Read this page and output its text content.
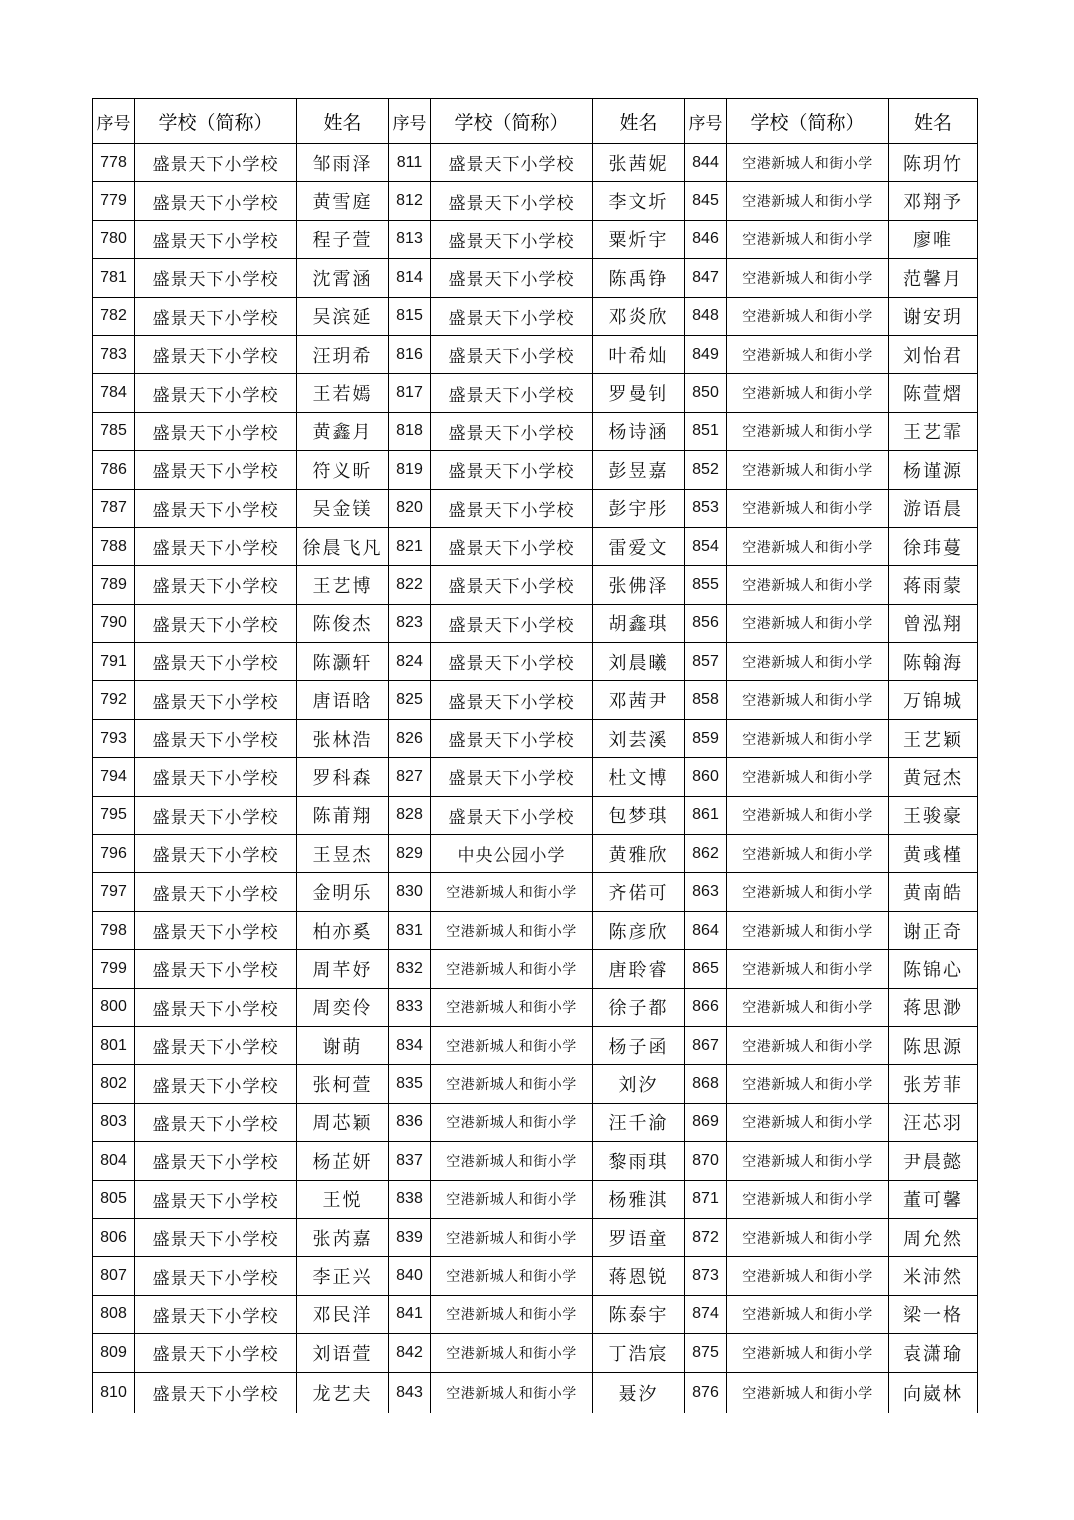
序号	学校（简称）	姓名	序号	学校（简称）	姓名	序号	学校（简称）	姓名
778	盛景天下小学校	邹雨泽	811	盛景天下小学校	张茜妮	844	空港新城人和街小学	陈玥竹
779	盛景天下小学校	黄雪庭	812	盛景天下小学校	李文圻	845	空港新城人和街小学	邓翔予
780	盛景天下小学校	程子萱	813	盛景天下小学校	粟炘宇	846	空港新城人和街小学	廖唯
781	盛景天下小学校	沈霄涵	814	盛景天下小学校	陈禹铮	847	空港新城人和街小学	范馨月
782	盛景天下小学校	吴滨延	815	盛景天下小学校	邓炎欣	848	空港新城人和街小学	谢安玥
783	盛景天下小学校	汪玥希	816	盛景天下小学校	叶希灿	849	空港新城人和街小学	刘怡君
784	盛景天下小学校	王若嫣	817	盛景天下小学校	罗曼钊	850	空港新城人和街小学	陈萱熠
785	盛景天下小学校	黄鑫月	818	盛景天下小学校	杨诗涵	851	空港新城人和街小学	王艺霏
786	盛景天下小学校	符义昕	819	盛景天下小学校	彭昱嘉	852	空港新城人和街小学	杨谨源
787	盛景天下小学校	吴金镁	820	盛景天下小学校	彭宇彤	853	空港新城人和街小学	游语晨
788	盛景天下小学校	徐晨飞凡	821	盛景天下小学校	雷爱文	854	空港新城人和街小学	徐玮蔓
789	盛景天下小学校	王艺博	822	盛景天下小学校	张佛泽	855	空港新城人和街小学	蒋雨蒙
790	盛景天下小学校	陈俊杰	823	盛景天下小学校	胡鑫琪	856	空港新城人和街小学	曾泓翔
791	盛景天下小学校	陈灏轩	824	盛景天下小学校	刘晨曦	857	空港新城人和街小学	陈翰海
792	盛景天下小学校	唐语晗	825	盛景天下小学校	邓茜尹	858	空港新城人和街小学	万锦城
793	盛景天下小学校	张林浩	826	盛景天下小学校	刘芸溪	859	空港新城人和街小学	王艺颖
794	盛景天下小学校	罗科森	827	盛景天下小学校	杜文博	860	空港新城人和街小学	黄冠杰
795	盛景天下小学校	陈莆翔	828	盛景天下小学校	包梦琪	861	空港新城人和街小学	王骏豪
796	盛景天下小学校	王昱杰	829	中央公园小学	黄雅欣	862	空港新城人和街小学	黄彧槿
797	盛景天下小学校	金明乐	830	空港新城人和街小学	齐偌可	863	空港新城人和街小学	黄南皓
798	盛景天下小学校	柏亦奚	831	空港新城人和街小学	陈彦欣	864	空港新城人和街小学	谢正奇
799	盛景天下小学校	周芊妤	832	空港新城人和街小学	唐聆睿	865	空港新城人和街小学	陈锦心
800	盛景天下小学校	周奕伶	833	空港新城人和街小学	徐子都	866	空港新城人和街小学	蒋思渺
801	盛景天下小学校	谢萌	834	空港新城人和街小学	杨子函	867	空港新城人和街小学	陈思源
802	盛景天下小学校	张柯萱	835	空港新城人和街小学	刘汐	868	空港新城人和街小学	张芳菲
803	盛景天下小学校	周芯颖	836	空港新城人和街小学	汪千渝	869	空港新城人和街小学	汪芯羽
804	盛景天下小学校	杨芷妍	837	空港新城人和街小学	黎雨琪	870	空港新城人和街小学	尹晨懿
805	盛景天下小学校	王悦	838	空港新城人和街小学	杨雅淇	871	空港新城人和街小学	董可馨
806	盛景天下小学校	张芮嘉	839	空港新城人和街小学	罗语童	872	空港新城人和街小学	周允然
807	盛景天下小学校	李正兴	840	空港新城人和街小学	蒋恩锐	873	空港新城人和街小学	米沛然
808	盛景天下小学校	邓民洋	841	空港新城人和街小学	陈泰宇	874	空港新城人和街小学	梁一格
809	盛景天下小学校	刘语萱	842	空港新城人和街小学	丁浩宸	875	空港新城人和街小学	袁潇瑜
810	盛景天下小学校	龙艺夫	843	空港新城人和街小学	聂汐	876	空港新城人和街小学	向崴林
